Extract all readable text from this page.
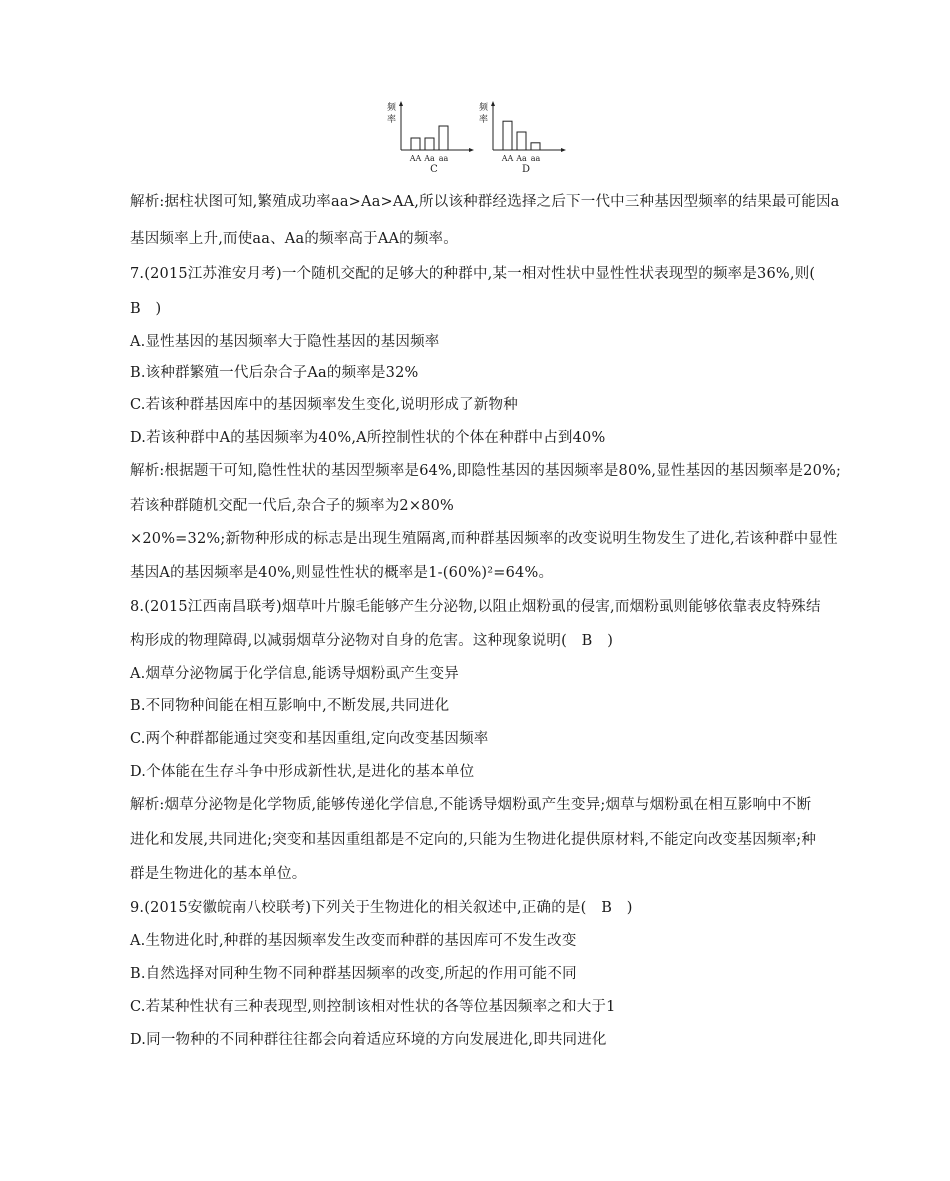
频
率
AA Aa aa
C
频
率
AA Aa aa
D
解析:据柱状图可知,繁殖成功率aa>Aa>AA,所以该种群经选择之后下一代中三种基因型频率的结果最可能因a
基因频率上升,而使aa、Aa的频率高于AA的频率。
7.(2015江苏淮安月考)一个随机交配的足够大的种群中,某一相对性状中显性性状表现型的频率是36%,则(
B　)
A.显性基因的基因频率大于隐性基因的基因频率
B.该种群繁殖一代后杂合子Aa的频率是32%
C.若该种群基因库中的基因频率发生变化,说明形成了新物种
D.若该种群中A的基因频率为40%,A所控制性状的个体在种群中占到40%
解析:根据题干可知,隐性性状的基因型频率是64%,即隐性基因的基因频率是80%,显性基因的基因频率是20%;
若该种群随机交配一代后,杂合子的频率为2×80%
×20%=32%;新物种形成的标志是出现生殖隔离,而种群基因频率的改变说明生物发生了进化,若该种群中显性
基因A的基因频率是40%,则显性性状的概率是1-(60%)²=64%。
8.(2015江西南昌联考)烟草叶片腺毛能够产生分泌物,以阻止烟粉虱的侵害,而烟粉虱则能够依靠表皮特殊结
构形成的物理障碍,以减弱烟草分泌物对自身的危害。这种现象说明(　B　)
A.烟草分泌物属于化学信息,能诱导烟粉虱产生变异
B.不同物种间能在相互影响中,不断发展,共同进化
C.两个种群都能通过突变和基因重组,定向改变基因频率
D.个体能在生存斗争中形成新性状,是进化的基本单位
解析:烟草分泌物是化学物质,能够传递化学信息,不能诱导烟粉虱产生变异;烟草与烟粉虱在相互影响中不断
进化和发展,共同进化;突变和基因重组都是不定向的,只能为生物进化提供原材料,不能定向改变基因频率;种
群是生物进化的基本单位。
9.(2015安徽皖南八校联考)下列关于生物进化的相关叙述中,正确的是(　B　)
A.生物进化时,种群的基因频率发生改变而种群的基因库可不发生改变
B.自然选择对同种生物不同种群基因频率的改变,所起的作用可能不同
C.若某种性状有三种表现型,则控制该相对性状的各等位基因频率之和大于1
D.同一物种的不同种群往往都会向着适应环境的方向发展进化,即共同进化
